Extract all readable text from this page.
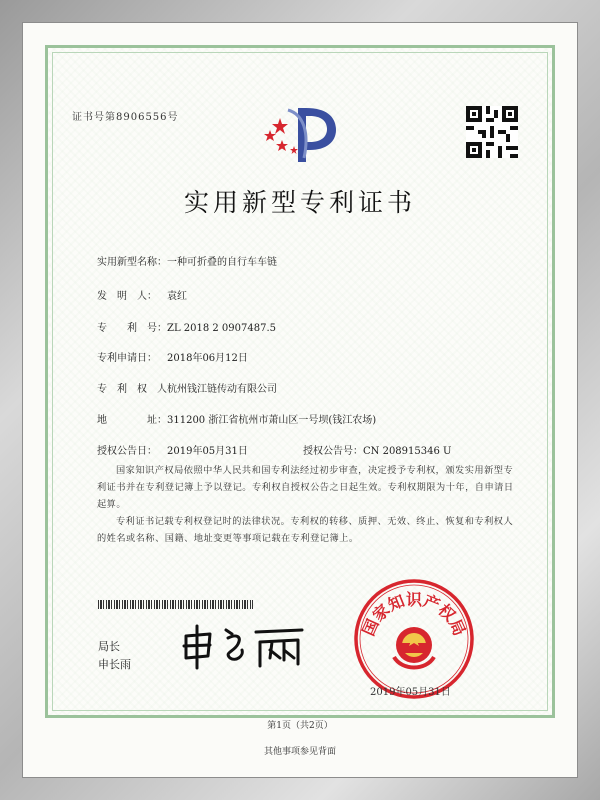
证书号第8906556号
实用新型专利证书
实用新型名称：一种可折叠的自行车车链
发　明　人： 袁红
专　　利　号：ZL 2018 2 0907487.5
专利申请日： 2018年06月12日
专　利　权　人：杭州钱江链传动有限公司
地　　　　址：311200 浙江省杭州市萧山区一号坝(钱江农场)
授权公告日： 2019年05月31日	授权公告号：CN 208915346 U
国家知识产权局依照中华人民共和国专利法经过初步审查，决定授予专利权，颁发实用新型专利证书并在专利登记簿上予以登记。专利权自授权公告之日起生效。专利权期限为十年，自申请日起算。
专利证书记载专利权登记时的法律状况。专利权的转移、质押、无效、终止、恢复和专利权人的姓名或名称、国籍、地址变更等事项记载在专利登记簿上。
局长
申长雨
国家知识产权局
2019年05月31日
第1页（共2页）
其他事项参见背面
